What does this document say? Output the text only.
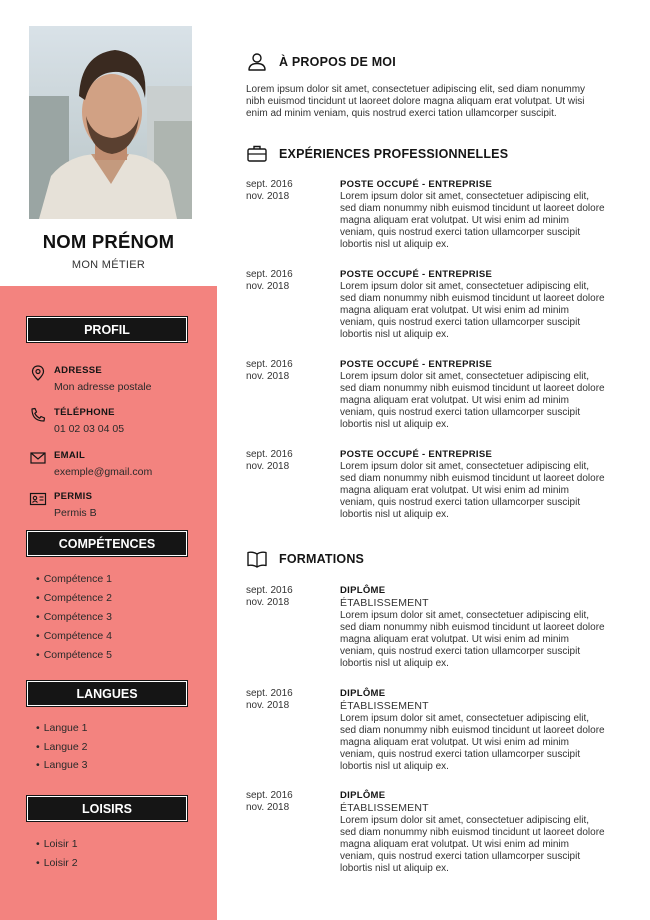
NOM PRÉNOM
MON MÉTIER
PROFIL
ADRESSE
Mon adresse postale
TÉLÉPHONE
01 02 03 04 05
EMAIL
exemple@gmail.com
PERMIS
Permis B
COMPÉTENCES
• Compétence 1
• Compétence 2
• Compétence 3
• Compétence 4
• Compétence 5
LANGUES
• Langue 1
• Langue 2
• Langue 3
LOISIRS
• Loisir 1
• Loisir 2
À PROPOS DE MOI
Lorem ipsum dolor sit amet, consectetuer adipiscing elit, sed diam nonummy nibh euismod tincidunt ut laoreet dolore magna aliquam erat volutpat. Ut wisi enim ad minim veniam, quis nostrud exerci tation ullamcorper suscipit.
EXPÉRIENCES PROFESSIONNELLES
sept. 2016
nov. 2018
POSTE OCCUPÉ - ENTREPRISE
Lorem ipsum dolor sit amet, consectetuer adipiscing elit, sed diam nonummy nibh euismod tincidunt ut laoreet dolore magna aliquam erat volutpat. Ut wisi enim ad minim veniam, quis nostrud exerci tation ullamcorper suscipit lobortis nisl ut aliquip ex.
sept. 2016
nov. 2018
POSTE OCCUPÉ - ENTREPRISE
Lorem ipsum dolor sit amet, consectetuer adipiscing elit, sed diam nonummy nibh euismod tincidunt ut laoreet dolore magna aliquam erat volutpat. Ut wisi enim ad minim veniam, quis nostrud exerci tation ullamcorper suscipit lobortis nisl ut aliquip ex.
sept. 2016
nov. 2018
POSTE OCCUPÉ - ENTREPRISE
Lorem ipsum dolor sit amet, consectetuer adipiscing elit, sed diam nonummy nibh euismod tincidunt ut laoreet dolore magna aliquam erat volutpat. Ut wisi enim ad minim veniam, quis nostrud exerci tation ullamcorper suscipit lobortis nisl ut aliquip ex.
sept. 2016
nov. 2018
POSTE OCCUPÉ - ENTREPRISE
Lorem ipsum dolor sit amet, consectetuer adipiscing elit, sed diam nonummy nibh euismod tincidunt ut laoreet dolore magna aliquam erat volutpat. Ut wisi enim ad minim veniam, quis nostrud exerci tation ullamcorper suscipit lobortis nisl ut aliquip ex.
FORMATIONS
sept. 2016
nov. 2018
DIPLÔME
ÉTABLISSEMENT
Lorem ipsum dolor sit amet, consectetuer adipiscing elit, sed diam nonummy nibh euismod tincidunt ut laoreet dolore magna aliquam erat volutpat. Ut wisi enim ad minim veniam, quis nostrud exerci tation ullamcorper suscipit lobortis nisl ut aliquip ex.
sept. 2016
nov. 2018
DIPLÔME
ÉTABLISSEMENT
Lorem ipsum dolor sit amet, consectetuer adipiscing elit, sed diam nonummy nibh euismod tincidunt ut laoreet dolore magna aliquam erat volutpat. Ut wisi enim ad minim veniam, quis nostrud exerci tation ullamcorper suscipit lobortis nisl ut aliquip ex.
sept. 2016
nov. 2018
DIPLÔME
ÉTABLISSEMENT
Lorem ipsum dolor sit amet, consectetuer adipiscing elit, sed diam nonummy nibh euismod tincidunt ut laoreet dolore magna aliquam erat volutpat. Ut wisi enim ad minim veniam, quis nostrud exerci tation ullamcorper suscipit lobortis nisl ut aliquip ex.
